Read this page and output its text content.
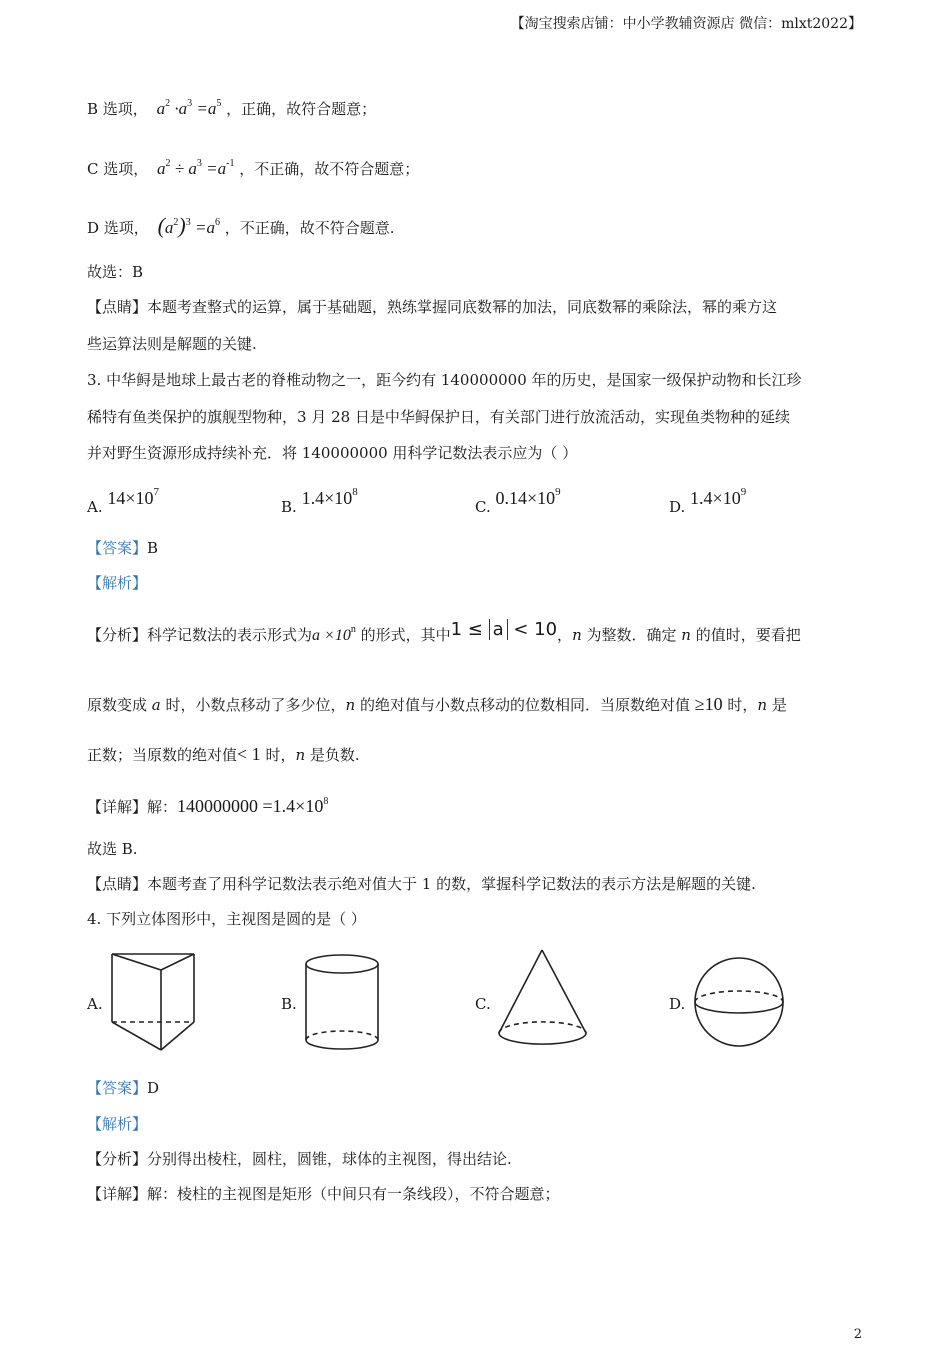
【淘宝搜索店铺：中小学教辅资源店 微信：mlxt2022】
B 选项， $a^2 \cdot a^3 =a^5$ ，正确，故符合题意；
C 选项， $a^2 \div a^3 =a^{-1}$ ，不正确，故不符合题意；
D 选项， $(a^2)^3 =a^6$ ，不正确，故不符合题意.
故选：B
【点睛】本题考查整式的运算，属于基础题，熟练掌握同底数幂的加法，同底数幂的乘除法，幂的乘方这
些运算法则是解题的关键.
3. 中华鲟是地球上最古老的脊椎动物之一，距今约有 140000000 年的历史，是国家一级保护动物和长江珍
稀特有鱼类保护的旗舰型物种，3 月 28 日是中华鲟保护日，有关部门进行放流活动，实现鱼类物种的延续
并对野生资源形成持续补充．将 140000000 用科学记数法表示应为（ ）
A. $14\times 10^7$
B. $1.4\times 10^8$
C. $0.14\times 10^9$
D. $1.4\times 10^9$
【答案】B
【解析】
【分析】科学记数法的表示形式为$a \times 10^n$ 的形式，其中1 ≤ a < 10，n 为整数．确定 n 的值时，要看把
原数变成 a 时，小数点移动了多少位，n 的绝对值与小数点移动的位数相同．当原数绝对值 ≥10 时，n 是
正数；当原数的绝对值< 1 时，n 是负数.
【详解】解：$140000000 =1.4\times 10^8$
故选 B.
【点睛】本题考查了用科学记数法表示绝对值大于 1 的数，掌握科学记数法的表示方法是解题的关键.
4. 下列立体图形中，主视图是圆的是（ ）
A.	B.	C.	D.
【答案】D
【解析】
【分析】分别得出棱柱，圆柱，圆锥，球体的主视图，得出结论.
【详解】解：棱柱的主视图是矩形（中间只有一条线段），不符合题意；
2
